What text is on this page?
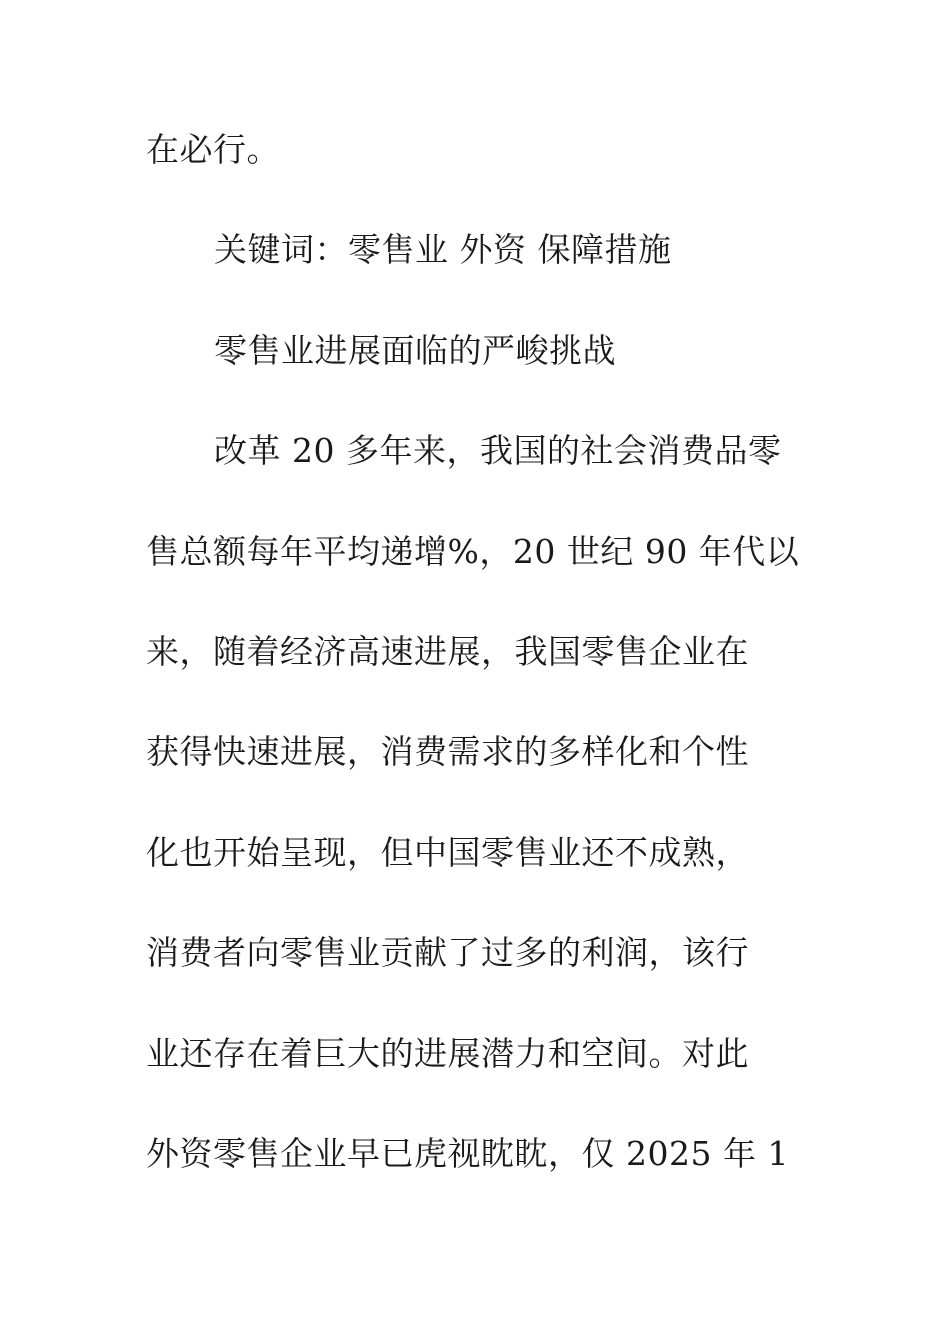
在必行。
关键词：零售业 外资 保障措施
零售业进展面临的严峻挑战
改革 20 多年来，我国的社会消费品零
售总额每年平均递增%，20 世纪 90 年代以
来，随着经济高速进展，我国零售企业在
获得快速进展，消费需求的多样化和个性
化也开始呈现，但中国零售业还不成熟，
消费者向零售业贡献了过多的利润，该行
业还存在着巨大的进展潜力和空间。对此
外资零售企业早已虎视眈眈，仅 2025 年 1
